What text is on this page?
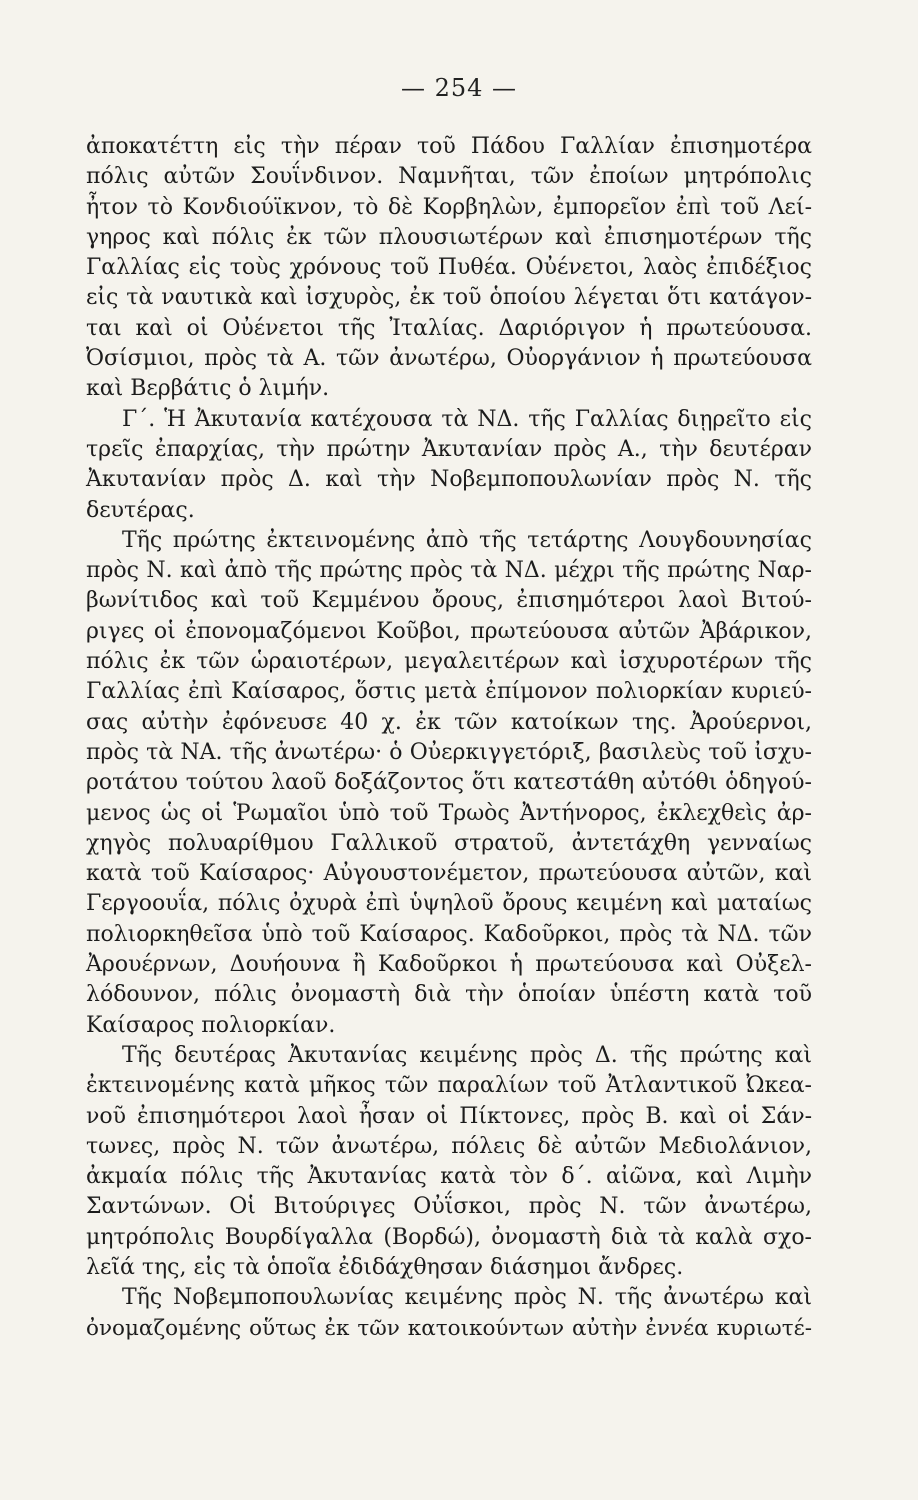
— 254 —
ἀποκατέττη εἰς τὴν πέραν τοῦ Πάδου Γαλλίαν ἐπισημοτέρα
πόλις αὐτῶν Σουΐνδινον. Ναμνῆται, τῶν ἐποίων μητρόπολις
ἦτον τὸ Κονδιούϊκνον, τὸ δὲ Κορβηλὼν, ἐμπορεῖον ἐπὶ τοῦ Λεί-
γηρος καὶ πόλις ἐκ τῶν πλουσιωτέρων καὶ ἐπισημοτέρων τῆς
Γαλλίας εἰς τοὺς χρόνους τοῦ Πυθέα. Οὐένετοι, λαὸς ἐπιδέξιος
εἰς τὰ ναυτικὰ καὶ ἰσχυρὸς, ἐκ τοῦ ὁποίου λέγεται ὅτι κατάγον-
ται καὶ οἱ Οὐένετοι τῆς Ἰταλίας. Δαριόριγον ἡ πρωτεύουσα.
Ὀσίσμιοι, πρὸς τὰ Α. τῶν ἀνωτέρω, Οὐοργάνιον ἡ πρωτεύουσα
καὶ Βερβάτις ὁ λιμήν.
Γ΄. Ἡ Ἀκυτανία κατέχουσα τὰ ΝΔ. τῆς Γαλλίας διῃρεῖτο εἰς
τρεῖς ἐπαρχίας, τὴν πρώτην Ἀκυτανίαν πρὸς Α., τὴν δευτέραν
Ἀκυτανίαν πρὸς Δ. καὶ τὴν Νοβεμποπουλωνίαν πρὸς Ν. τῆς
δευτέρας.
Τῆς πρώτης ἐκτεινομένης ἀπὸ τῆς τετάρτης Λουγδουνησίας
πρὸς Ν. καὶ ἀπὸ τῆς πρώτης πρὸς τὰ ΝΔ. μέχρι τῆς πρώτης Ναρ-
βωνίτιδος καὶ τοῦ Κεμμένου ὄρους, ἐπισημότεροι λαοὶ Βιτού-
ριγες οἱ ἐπονομαζόμενοι Κοῦβοι, πρωτεύουσα αὐτῶν Ἀβάρικον,
πόλις ἐκ τῶν ὡραιοτέρων, μεγαλειτέρων καὶ ἰσχυροτέρων τῆς
Γαλλίας ἐπὶ Καίσαρος, ὅστις μετὰ ἐπίμονον πολιορκίαν κυριεύ-
σας αὐτὴν ἐφόνευσε 40 χ. ἐκ τῶν κατοίκων της. Ἀρούερνοι,
πρὸς τὰ ΝΑ. τῆς ἀνωτέρω· ὁ Οὐερκιγγετόριξ, βασιλεὺς τοῦ ἰσχυ-
ροτάτου τούτου λαοῦ δοξάζοντος ὅτι κατεστάθη αὐτόθι ὁδηγού-
μενος ὡς οἱ Ῥωμαῖοι ὑπὸ τοῦ Τρωὸς Ἀντήνορος, ἐκλεχθεὶς ἀρ-
χηγὸς πολυαρίθμου Γαλλικοῦ στρατοῦ, ἀντετάχθη γενναίως
κατὰ τοῦ Καίσαρος· Αὐγουστονέμετον, πρωτεύουσα αὐτῶν, καὶ
Γεργοουΐα, πόλις ὀχυρὰ ἐπὶ ὑψηλοῦ ὄρους κειμένη καὶ ματαίως
πολιορκηθεῖσα ὑπὸ τοῦ Καίσαρος. Καδοῦρκοι, πρὸς τὰ ΝΔ. τῶν
Ἀρουέρνων, Δουήουνα ἢ Καδοῦρκοι ἡ πρωτεύουσα καὶ Οὐξελ-
λόδουνον, πόλις ὀνομαστὴ διὰ τὴν ὁποίαν ὑπέστη κατὰ τοῦ
Καίσαρος πολιορκίαν.
Τῆς δευτέρας Ἀκυτανίας κειμένης πρὸς Δ. τῆς πρώτης καὶ
ἐκτεινομένης κατὰ μῆκος τῶν παραλίων τοῦ Ἀτλαντικοῦ Ὠκεα-
νοῦ ἐπισημότεροι λαοὶ ἦσαν οἱ Πίκτονες, πρὸς Β. καὶ οἱ Σάν-
τωνες, πρὸς Ν. τῶν ἀνωτέρω, πόλεις δὲ αὐτῶν Μεδιολάνιον,
ἀκμαία πόλις τῆς Ἀκυτανίας κατὰ τὸν δ΄. αἰῶνα, καὶ Λιμὴν
Σαντώνων. Οἱ Βιτούριγες Οὐΐσκοι, πρὸς Ν. τῶν ἀνωτέρω,
μητρόπολις Βουρδίγαλλα (Βορδώ), ὀνομαστὴ διὰ τὰ καλὰ σχο-
λεῖά της, εἰς τὰ ὁποῖα ἐδιδάχθησαν διάσημοι ἄνδρες.
Τῆς Νοβεμποπουλωνίας κειμένης πρὸς Ν. τῆς ἀνωτέρω καὶ
ὀνομαζομένης οὕτως ἐκ τῶν κατοικούντων αὐτὴν ἐννέα κυριωτέ-
